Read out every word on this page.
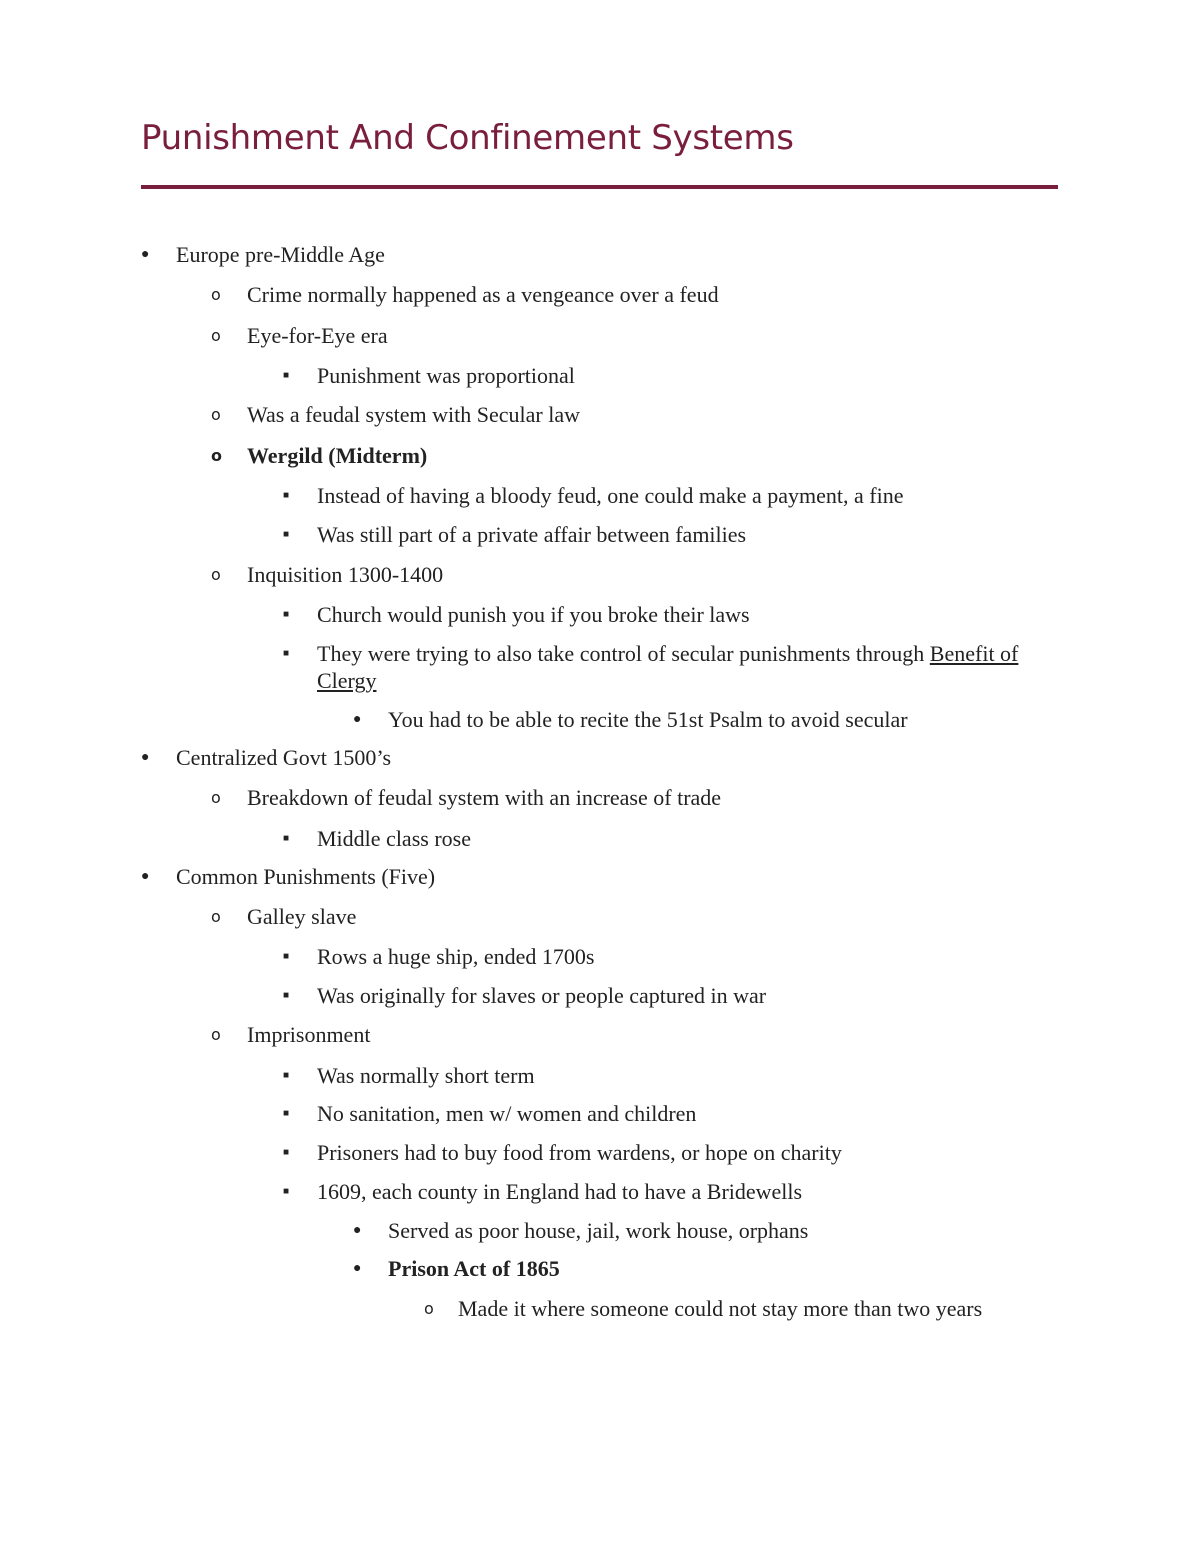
Punishment And Confinement Systems
● Europe pre-Middle Age
o Crime normally happened as a vengeance over a feud
o Eye-for-Eye era
■ Punishment was proportional
o Was a feudal system with Secular law
o Wergild (Midterm)
■ Instead of having a bloody feud, one could make a payment, a fine
■ Was still part of a private affair between families
o Inquisition 1300-1400
■ Church would punish you if you broke their laws
■ They were trying to also take control of secular punishments through Benefit of Clergy
● You had to be able to recite the 51st Psalm to avoid secular
● Centralized Govt 1500’s
o Breakdown of feudal system with an increase of trade
■ Middle class rose
● Common Punishments (Five)
o Galley slave
■ Rows a huge ship, ended 1700s
■ Was originally for slaves or people captured in war
o Imprisonment
■ Was normally short term
■ No sanitation, men w/ women and children
■ Prisoners had to buy food from wardens, or hope on charity
■ 1609, each county in England had to have a Bridewells
● Served as poor house, jail, work house, orphans
● Prison Act of 1865
o Made it where someone could not stay more than two years
